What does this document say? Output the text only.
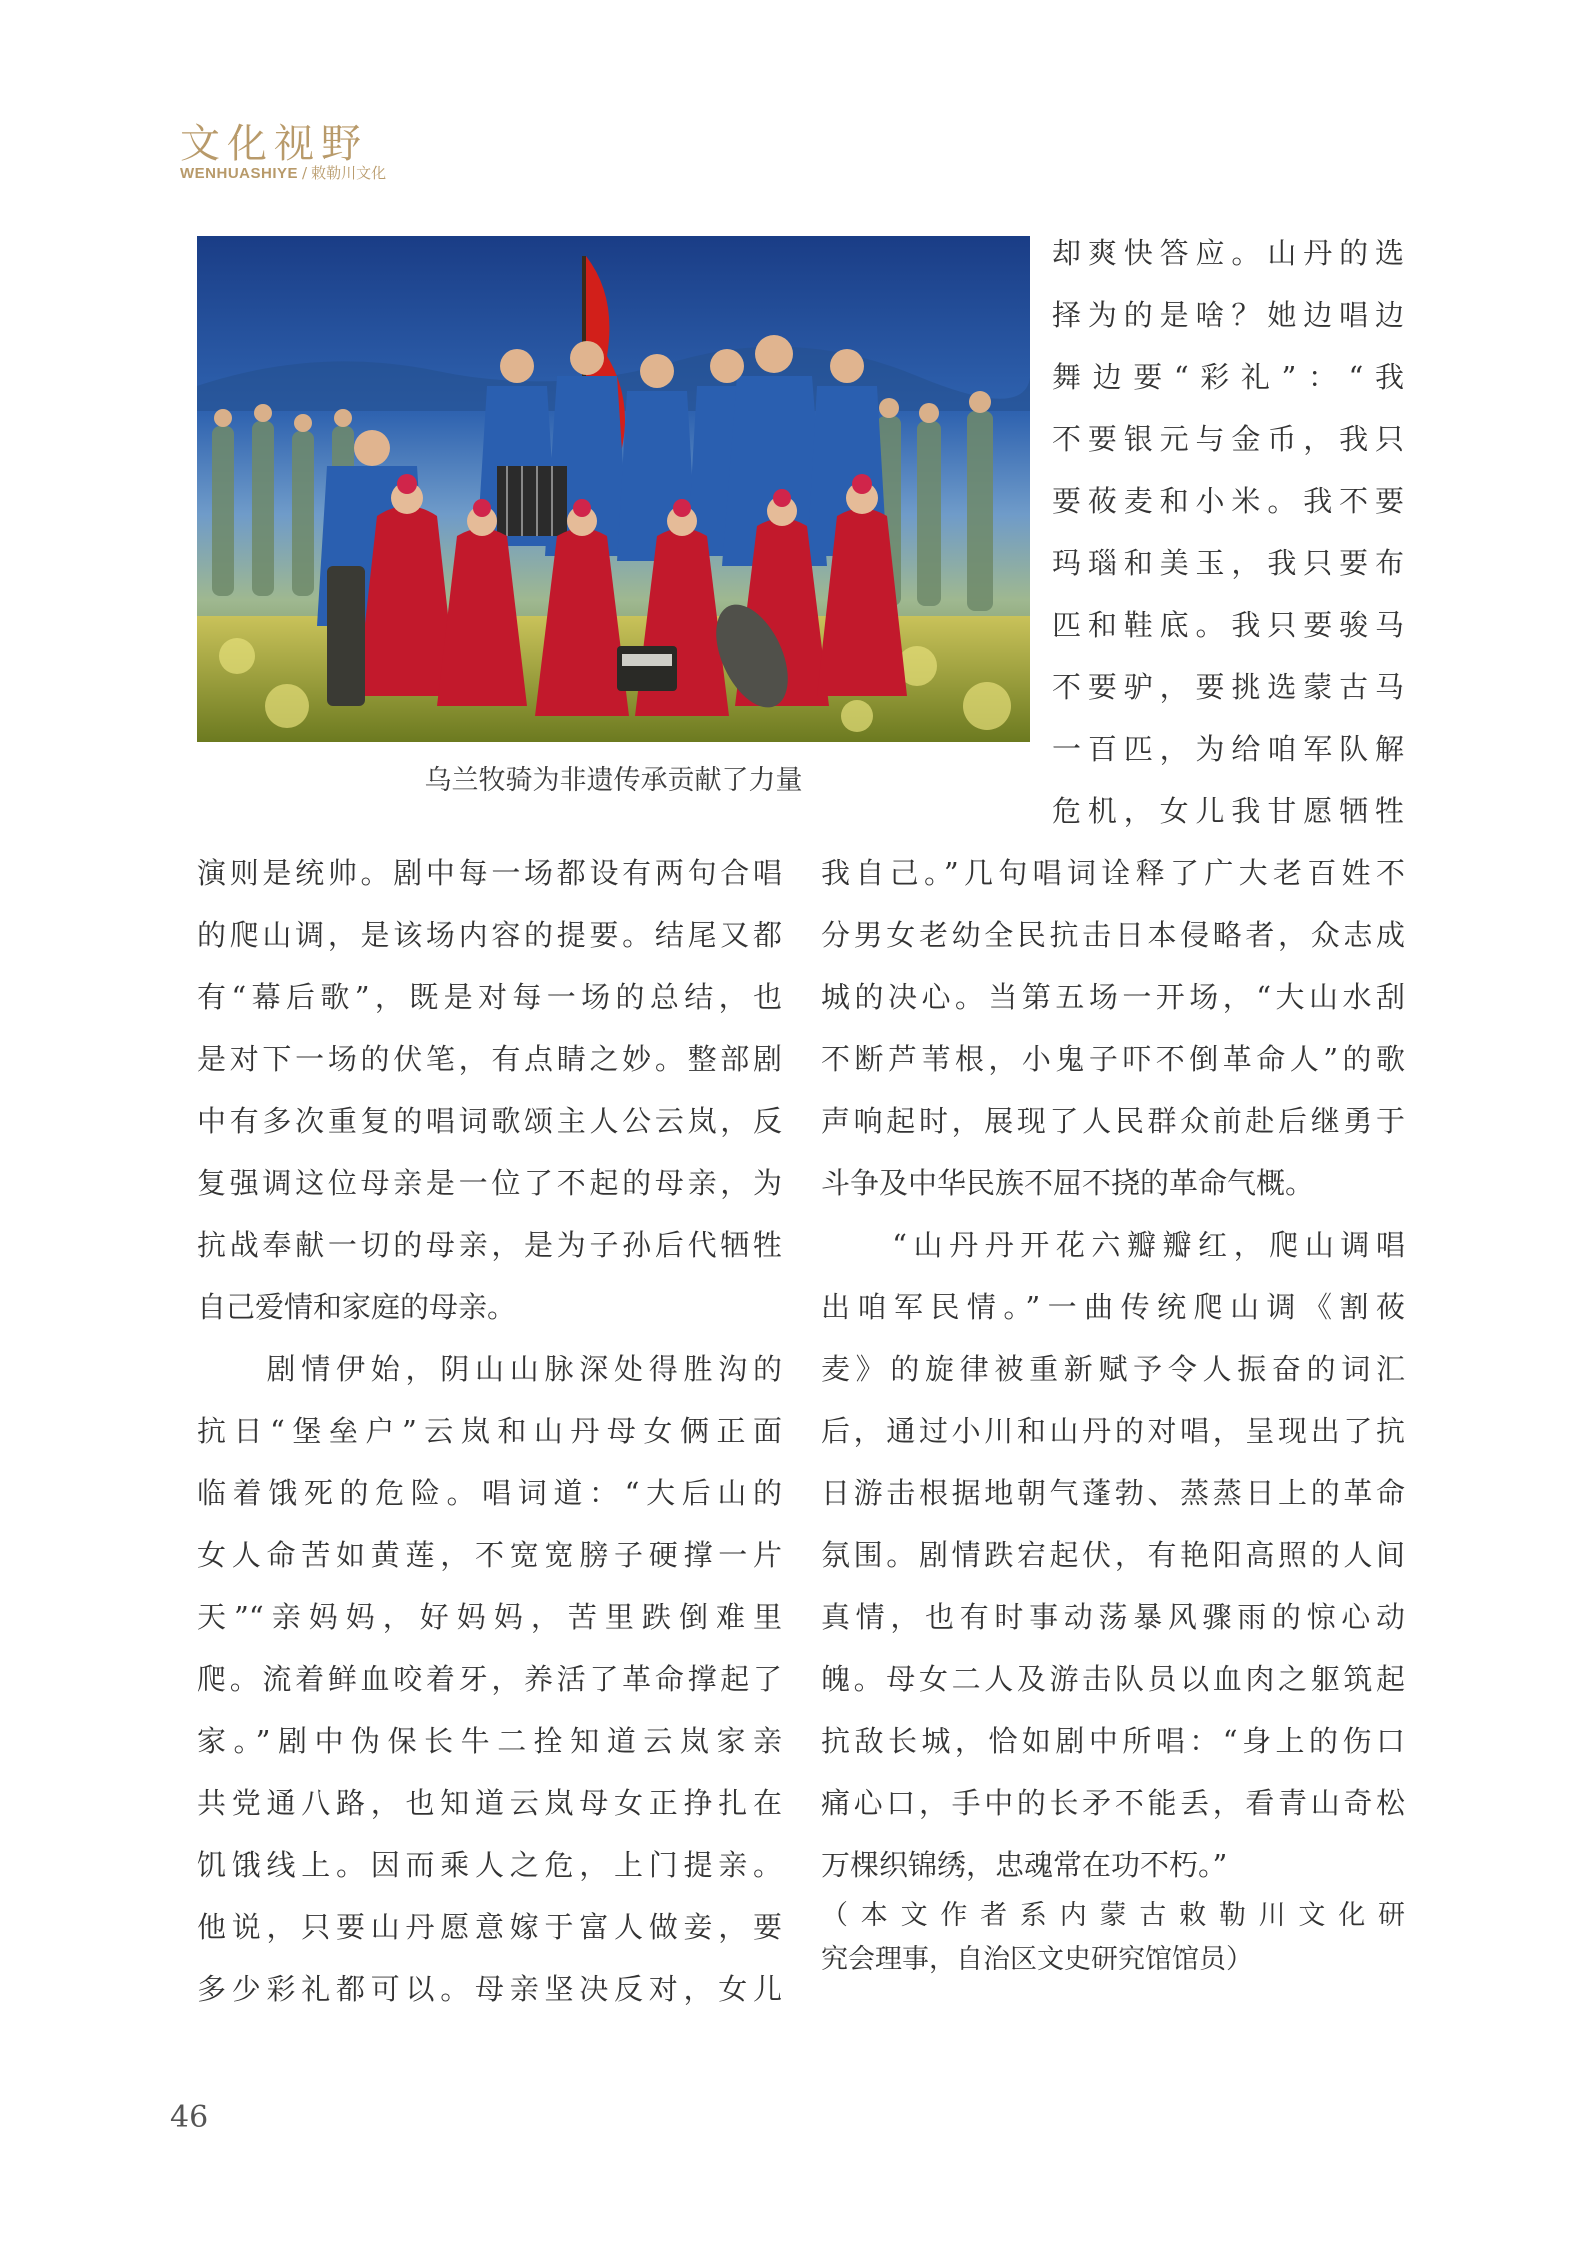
文化视野
WENHUASHIYE / 敕勒川文化
乌兰牧骑为非遗传承贡献了力量
却爽快答应。山丹的选
择为的是啥？她边唱边
舞边要“彩礼”：“我
不要银元与金币，我只
要莜麦和小米。我不要
玛瑙和美玉，我只要布
匹和鞋底。我只要骏马
不要驴，要挑选蒙古马
一百匹，为给咱军队解
危机，女儿我甘愿牺牲
演则是统帅。剧中每一场都设有两句合唱
的爬山调，是该场内容的提要。结尾又都
有“幕后歌”，既是对每一场的总结，也
是对下一场的伏笔，有点睛之妙。整部剧
中有多次重复的唱词歌颂主人公云岚，反
复强调这位母亲是一位了不起的母亲，为
抗战奉献一切的母亲，是为子孙后代牺牲
自己爱情和家庭的母亲。
　　剧情伊始，阴山山脉深处得胜沟的
抗日“堡垒户”云岚和山丹母女俩正面
临着饿死的危险。唱词道：“大后山的
女人命苦如黄莲，不宽宽膀子硬撑一片
天”“亲妈妈，好妈妈，苦里跌倒难里
爬。流着鲜血咬着牙，养活了革命撑起了
家。”剧中伪保长牛二拴知道云岚家亲
共党通八路，也知道云岚母女正挣扎在
饥饿线上。因而乘人之危，上门提亲。
他说，只要山丹愿意嫁于富人做妾，要
多少彩礼都可以。母亲坚决反对，女儿
我自己。”几句唱词诠释了广大老百姓不
分男女老幼全民抗击日本侵略者，众志成
城的决心。当第五场一开场，“大山水刮
不断芦苇根，小鬼子吓不倒革命人”的歌
声响起时，展现了人民群众前赴后继勇于
斗争及中华民族不屈不挠的革命气概。
　　“山丹丹开花六瓣瓣红，爬山调唱
出咱军民情。”一曲传统爬山调《割莜
麦》的旋律被重新赋予令人振奋的词汇
后，通过小川和山丹的对唱，呈现出了抗
日游击根据地朝气蓬勃、蒸蒸日上的革命
氛围。剧情跌宕起伏，有艳阳高照的人间
真情，也有时事动荡暴风骤雨的惊心动
魄。母女二人及游击队员以血肉之躯筑起
抗敌长城，恰如剧中所唱：“身上的伤口
痛心口，手中的长矛不能丢，看青山奇松
万棵织锦绣，忠魂常在功不朽。”
（本文作者系内蒙古敕勒川文化研
究会理事，自治区文史研究馆馆员）
46
